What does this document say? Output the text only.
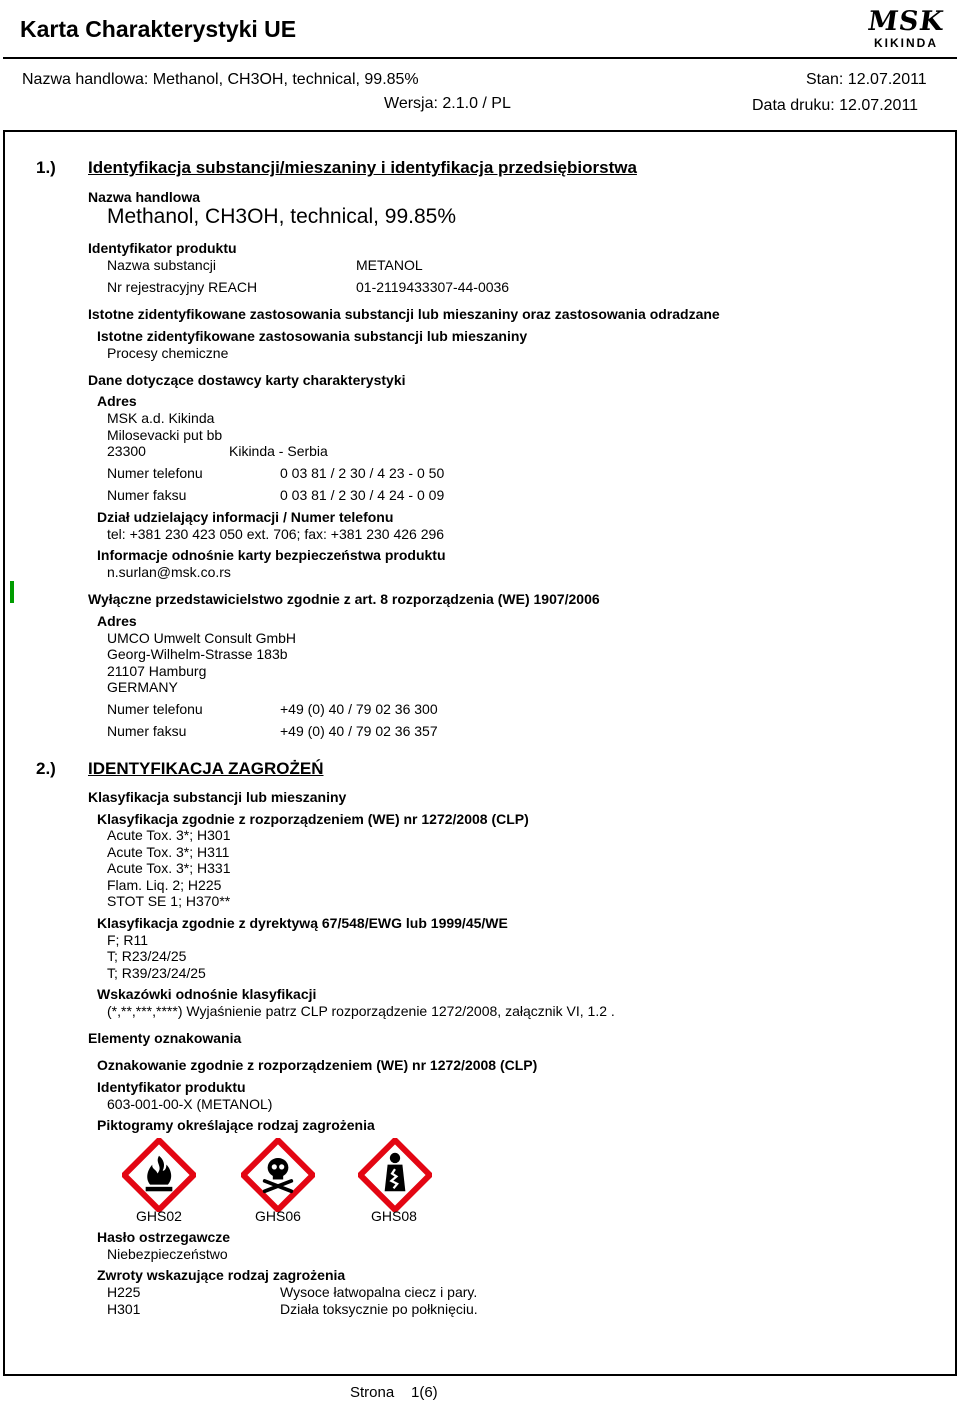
Karta Charakterystyki UE	MSK
KIKINDA
Nazwa handlowa: Methanol, CH3OH, technical, 99.85%
Wersja: 2.1.0 / PL
Stan: 12.07.2011
Data druku: 12.07.2011
1.) Identyfikacja substancji/mieszaniny i identyfikacja przedsiębiorstwa
Nazwa handlowa
Methanol, CH3OH, technical, 99.85%
Identyfikator produktu
Nazwa substancji	METANOL
Nr rejestracyjny REACH	01-2119433307-44-0036
Istotne zidentyfikowane zastosowania substancji lub mieszaniny oraz zastosowania odradzane
Istotne zidentyfikowane zastosowania substancji lub mieszaniny
Procesy chemiczne
Dane dotyczące dostawcy karty charakterystyki
Adres
MSK a.d. Kikinda
Milosevacki put bb
23300	Kikinda - Serbia
Numer telefonu	0 03 81 / 2 30 / 4 23 - 0 50
Numer faksu	0 03 81 / 2 30 / 4 24 - 0 09
Dział udzielający informacji / Numer telefonu
tel: +381 230 423 050 ext. 706; fax: +381 230 426 296
Informacje odnośnie karty bezpieczeństwa produktu
n.surlan@msk.co.rs
Wyłączne przedstawicielstwo zgodnie z art. 8 rozporządzenia (WE) 1907/2006
Adres
UMCO Umwelt Consult GmbH
Georg-Wilhelm-Strasse 183b
21107 Hamburg
GERMANY
Numer telefonu	+49 (0) 40 / 79 02 36 300
Numer faksu	+49 (0) 40 / 79 02 36 357
2.) IDENTYFIKACJA ZAGROŻEŃ
Klasyfikacja substancji lub mieszaniny
Klasyfikacja zgodnie z rozporządzeniem (WE) nr 1272/2008 (CLP)
Acute Tox. 3*; H301
Acute Tox. 3*; H311
Acute Tox. 3*; H331
Flam. Liq. 2; H225
STOT SE 1; H370**
Klasyfikacja zgodnie z dyrektywą 67/548/EWG lub 1999/45/WE
F; R11
T; R23/24/25
T; R39/23/24/25
Wskazówki odnośnie klasyfikacji
(*,**,***,****) Wyjaśnienie patrz CLP rozporządzenie 1272/2008, załącznik VI, 1.2 .
Elementy oznakowania
Oznakowanie zgodnie z rozporządzeniem (WE) nr 1272/2008 (CLP)
Identyfikator produktu
603-001-00-X (METANOL)
Piktogramy określające rodzaj zagrożenia
GHS02	GHS06	GHS08
Hasło ostrzegawcze
Niebezpieczeństwo
Zwroty wskazujące rodzaj zagrożenia
H225	Wysoce łatwopalna ciecz i pary.
H301	Działa toksycznie po połknięciu.
Strona 1(6)
